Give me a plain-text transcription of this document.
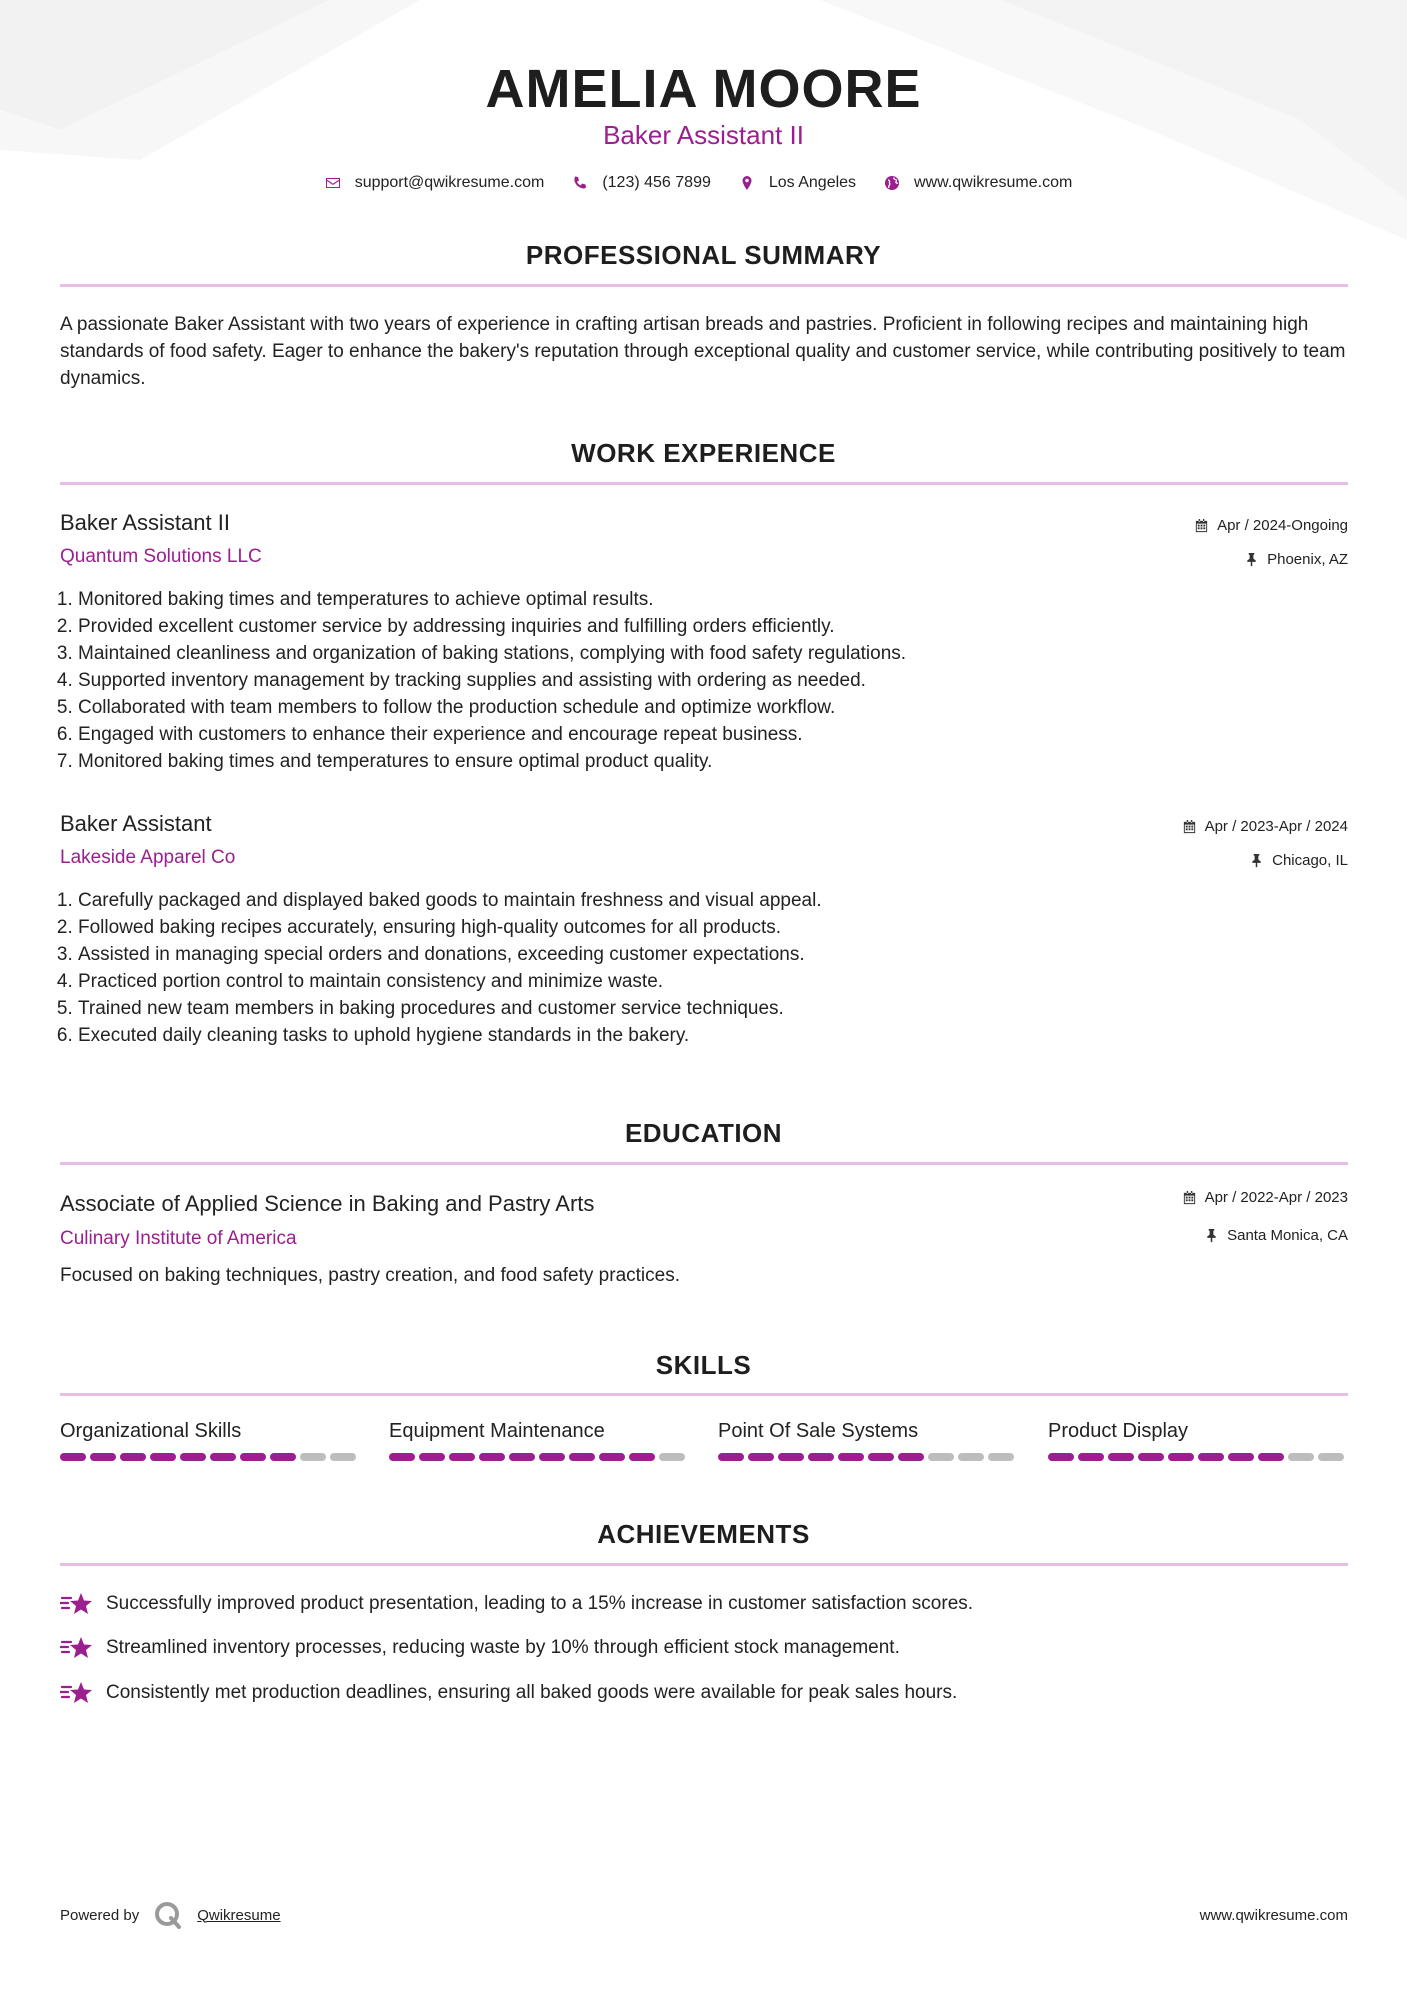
AMELIA MOORE
Baker Assistant II
support@qwikresume.com	(123) 456 7899	Los Angeles	www.qwikresume.com
PROFESSIONAL SUMMARY
A passionate Baker Assistant with two years of experience in crafting artisan breads and pastries. Proficient in following recipes and maintaining high standards of food safety. Eager to enhance the bakery's reputation through exceptional quality and customer service, while contributing positively to team dynamics.
WORK EXPERIENCE
Baker Assistant II
Quantum Solutions LLC
Apr / 2024-Ongoing
Phoenix, AZ
1. Monitored baking times and temperatures to achieve optimal results.
2. Provided excellent customer service by addressing inquiries and fulfilling orders efficiently.
3. Maintained cleanliness and organization of baking stations, complying with food safety regulations.
4. Supported inventory management by tracking supplies and assisting with ordering as needed.
5. Collaborated with team members to follow the production schedule and optimize workflow.
6. Engaged with customers to enhance their experience and encourage repeat business.
7. Monitored baking times and temperatures to ensure optimal product quality.
Baker Assistant
Lakeside Apparel Co
Apr / 2023-Apr / 2024
Chicago, IL
1. Carefully packaged and displayed baked goods to maintain freshness and visual appeal.
2. Followed baking recipes accurately, ensuring high-quality outcomes for all products.
3. Assisted in managing special orders and donations, exceeding customer expectations.
4. Practiced portion control to maintain consistency and minimize waste.
5. Trained new team members in baking procedures and customer service techniques.
6. Executed daily cleaning tasks to uphold hygiene standards in the bakery.
EDUCATION
Associate of Applied Science in Baking and Pastry Arts
Culinary Institute of America
Apr / 2022-Apr / 2023
Santa Monica, CA
Focused on baking techniques, pastry creation, and food safety practices.
SKILLS
Organizational Skills	Equipment Maintenance	Point Of Sale Systems	Product Display
ACHIEVEMENTS
Successfully improved product presentation, leading to a 15% increase in customer satisfaction scores.
Streamlined inventory processes, reducing waste by 10% through efficient stock management.
Consistently met production deadlines, ensuring all baked goods were available for peak sales hours.
Powered by	Qwikresume	www.qwikresume.com
